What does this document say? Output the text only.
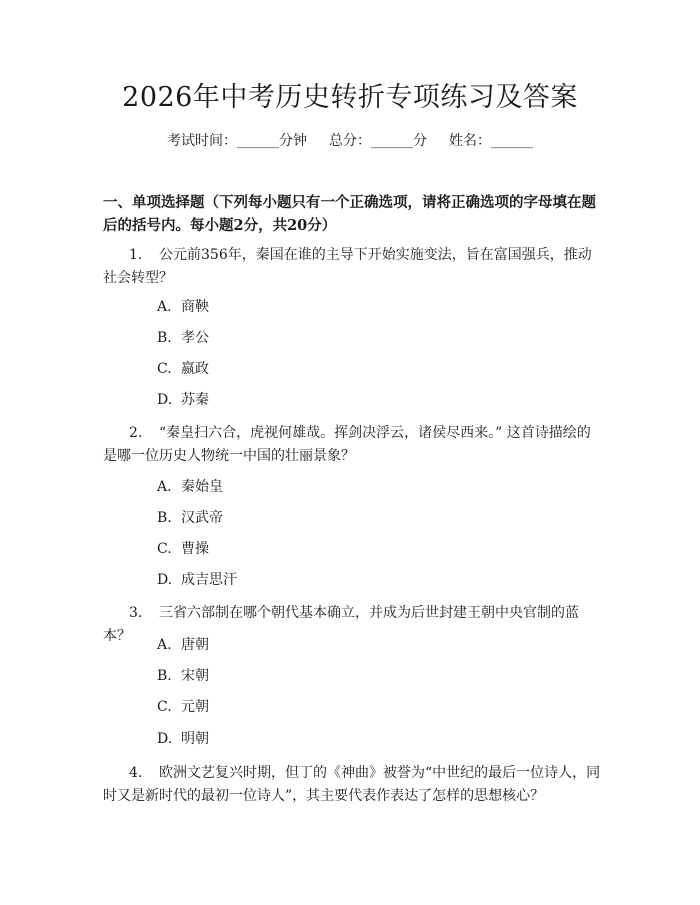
2026年中考历史转折专项练习及答案
考试时间：______分钟 总分：______分 姓名：______
一、单项选择题（下列每小题只有一个正确选项，请将正确选项的字母填在题后的括号内。每小题2分，共20分）
1. 公元前356年，秦国在谁的主导下开始实施变法，旨在富国强兵，推动社会转型？
A. 商鞅
B. 孝公
C. 嬴政
D. 苏秦
2. “秦皇扫六合，虎视何雄哉。挥剑决浮云，诸侯尽西来。” 这首诗描绘的是哪一位历史人物统一中国的壮丽景象？
A. 秦始皇
B. 汉武帝
C. 曹操
D. 成吉思汗
3. 三省六部制在哪个朝代基本确立，并成为后世封建王朝中央官制的蓝本？
A. 唐朝
B. 宋朝
C. 元朝
D. 明朝
4. 欧洲文艺复兴时期，但丁的《神曲》被誉为“中世纪的最后一位诗人，同时又是新时代的最初一位诗人”，其主要代表作表达了怎样的思想核心？
